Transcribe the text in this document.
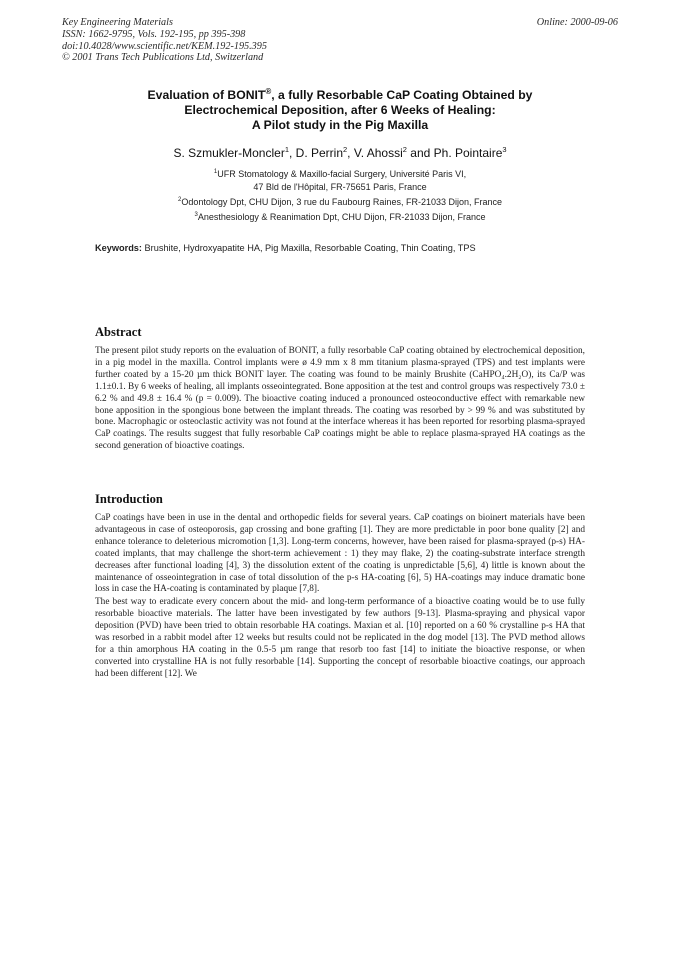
Key Engineering Materials
ISSN: 1662-9795, Vols. 192-195, pp 395-398
doi:10.4028/www.scientific.net/KEM.192-195.395
© 2001 Trans Tech Publications Ltd, Switzerland
Online: 2000-09-06
Evaluation of BONIT®, a fully Resorbable CaP Coating Obtained by
Electrochemical Deposition, after 6 Weeks of Healing:
A Pilot study in the Pig Maxilla
S. Szmukler-Moncler$^1$, D. Perrin$^2$, V. Ahossi$^2$ and Ph. Pointaire$^3$

$^1$UFR Stomatology & Maxillo-facial Surgery, Université Paris VI,

47 Bld de l'Hôpital, FR-75651 Paris, France

$^2$Odontology Dpt, CHU Dijon, 3 rue du Faubourg Raines, FR-21033 Dijon, France

$^3$Anesthesiology & Reanimation Dpt, CHU Dijon, FR-21033 Dijon, France

Keywords: Brushite, Hydroxyapatite HA, Pig Maxilla, Resorbable Coating, Thin Coating, TPS
Abstract

The present pilot study reports on the evaluation of BONIT, a fully resorbable CaP coating obtained by electrochemical deposition, in a pig model in the maxilla. Control implants were ø 4.9 mm x 8 mm titanium plasma-sprayed (TPS) and test implants were further coated by a 15-20 µm thick BONIT layer. The coating was found to be mainly Brushite (CaHPO₄.2H₂O), its Ca/P was 1.1±0.1. By 6 weeks of healing, all implants osseointegrated. Bone apposition at the test and control groups was respectively 73.0 ± 6.2 % and 49.8 ± 16.4 % (p = 0.009). The bioactive coating induced a pronounced osteoconductive effect with remarkable new bone apposition in the spongious bone between the implant threads. The coating was resorbed by > 99 % and was substituted by bone. Macrophagic or osteoclastic activity was not found at the interface whereas it has been reported for resorbing plasma-sprayed CaP coatings. The results suggest that fully resorbable CaP coatings might be able to replace plasma-sprayed HA coatings as the second generation of bioactive coatings.

Introduction

CaP coatings have been in use in the dental and orthopedic fields for several years. CaP coatings on bioinert materials have been advantageous in case of osteoporosis, gap crossing and bone grafting [1]. They are more predictable in poor bone quality [2] and enhance tolerance to deleterious micromotion [1,3]. Long-term concerns, however, have been raised for plasma-sprayed (p-s) HA-coated implants, that may challenge the short-term achievement : 1) they may flake, 2) the coating-substrate interface strength decreases after functional loading [4], 3) the dissolution extent of the coating is unpredictable [5,6], 4) little is known about the maintenance of osseointegration in case of total dissolution of the p-s HA-coating [6], 5) HA-coatings may induce dramatic bone loss in case the HA-coating is contaminated by plaque [7,8].

The best way to eradicate every concern about the mid- and long-term performance of a bioactive coating would be to use fully resorbable bioactive materials. The latter have been investigated by few authors [9-13]. Plasma-spraying and physical vapor deposition (PVD) have been tried to obtain resorbable HA coatings. Maxian et al. [10] reported on a 60 % crystalline p-s HA that was resorbed in a rabbit model after 12 weeks but results could not be replicated in the dog model [13]. The PVD method allows for a thin amorphous HA coating in the 0.5-5 µm range that resorb too fast [14] to initiate the bioactive response, or when converted into crystalline HA is not fully resorbable [14]. Supporting the concept of resorbable bioactive coatings, our approach had been different [12]. We
